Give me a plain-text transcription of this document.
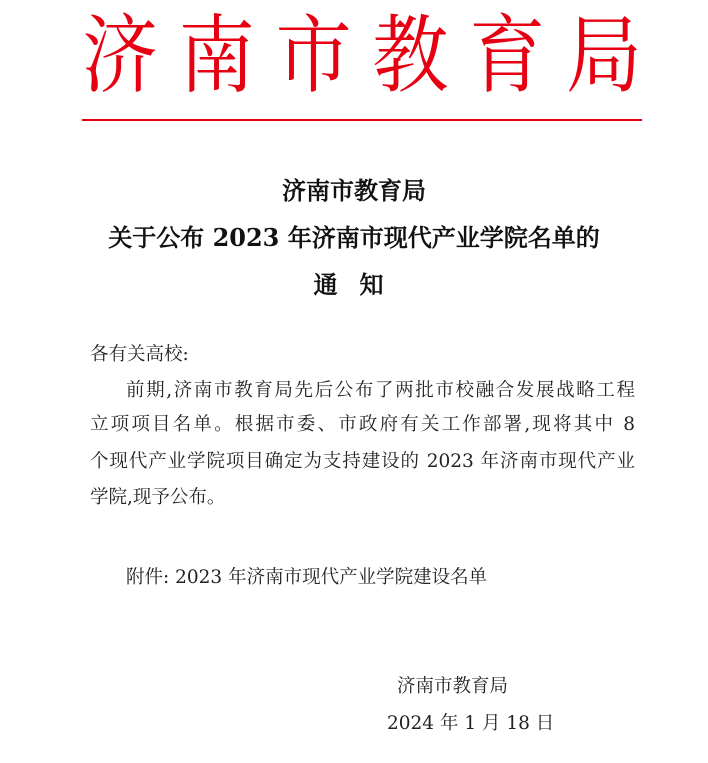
济 南 市 教 育 局
济南市教育局
关于公布 2023 年济南市现代产业学院名单的
通知
各有关高校:
前期,济南市教育局先后公布了两批市校融合发展战略工程
立项项目名单。根据市委、市政府有关工作部署,现将其中 8
个现代产业学院项目确定为支持建设的 2023 年济南市现代产业
学院,现予公布。
附件: 2023 年济南市现代产业学院建设名单
济南市教育局
2024 年 1 月 18 日
